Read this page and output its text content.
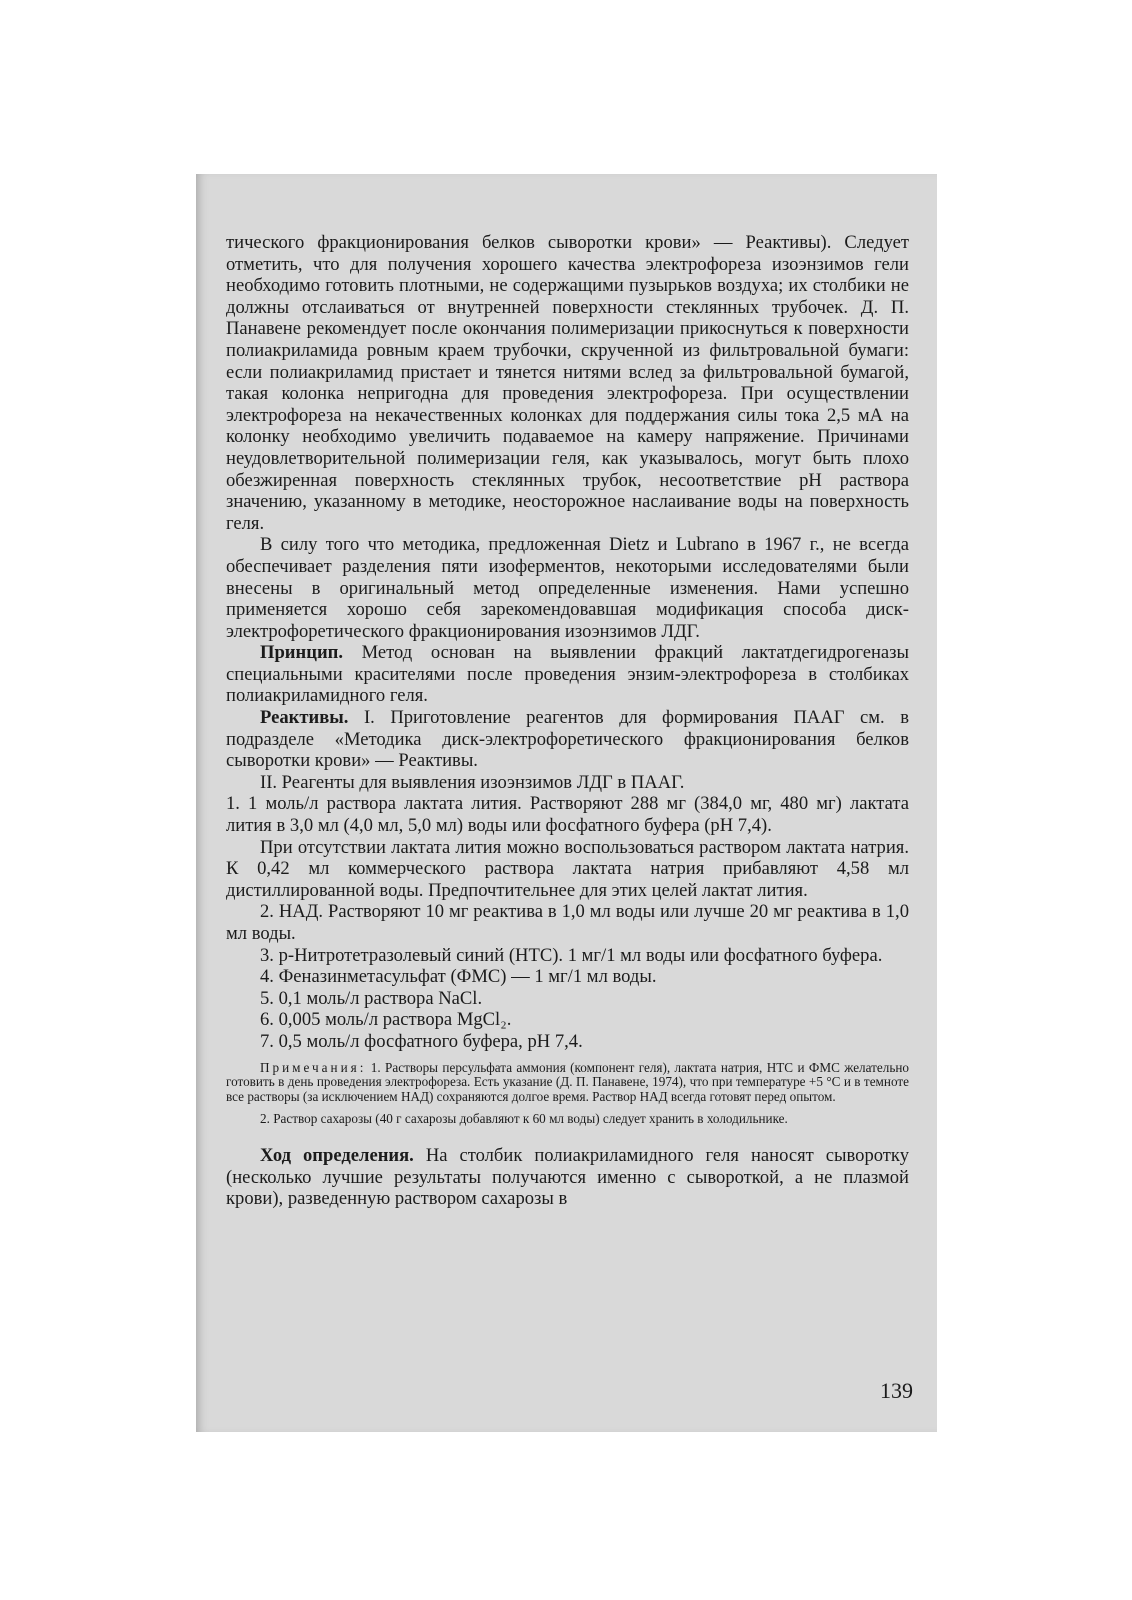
тического фракционирования белков сыворотки крови» — Реактивы). Следует отметить, что для получения хорошего качества электрофореза изоэнзимов гели необходимо готовить плотными, не содержащими пузырьков воздуха; их столбики не должны отслаиваться от внутренней поверхности стеклянных трубочек. Д. П. Панавене рекомендует после окончания полимеризации прикоснуться к поверхности полиакриламида ровным краем трубочки, скрученной из фильтровальной бумаги: если полиакриламид пристает и тянется нитями вслед за фильтровальной бумагой, такая колонка непригодна для проведения электрофореза. При осуществлении электрофореза на некачественных колонках для поддержания силы тока 2,5 мА на колонку необходимо увеличить подаваемое на камеру напряжение. Причинами неудовлетворительной полимеризации геля, как указывалось, могут быть плохо обезжиренная поверхность стеклянных трубок, несоответствие pH раствора значению, указанному в методике, неосторожное наслаивание воды на поверхность геля.

В силу того что методика, предложенная Dietz и Lubrano в 1967 г., не всегда обеспечивает разделения пяти изоферментов, некоторыми исследователями были внесены в оригинальный метод определенные изменения. Нами успешно применяется хорошо себя зарекомендовавшая модификация способа диск-электрофоретического фракционирования изоэнзимов ЛДГ.

Принцип. Метод основан на выявлении фракций лактатдегидрогеназы специальными красителями после проведения энзим-электрофореза в столбиках полиакриламидного геля.

Реактивы. I. Приготовление реагентов для формирования ПААГ см. в подразделе «Методика диск-электрофоретического фракционирования белков сыворотки крови» — Реактивы.

II. Реагенты для выявления изоэнзимов ЛДГ в ПААГ.

1. 1 моль/л раствора лактата лития. Растворяют 288 мг (384,0 мг, 480 мг) лактата лития в 3,0 мл (4,0 мл, 5,0 мл) воды или фосфатного буфера (pH 7,4).

При отсутствии лактата лития можно воспользоваться раствором лактата натрия. К 0,42 мл коммерческого раствора лактата натрия прибавляют 4,58 мл дистиллированной воды. Предпочтительнее для этих целей лактат лития.

2. НАД. Растворяют 10 мг реактива в 1,0 мл воды или лучше 20 мг реактива в 1,0 мл воды.

3. р-Нитротетразолевый синий (НТС). 1 мг/1 мл воды или фосфатного буфера.

4. Феназинметасульфат (ФМС) — 1 мг/1 мл воды.

5. 0,1 моль/л раствора NaCl.

6. 0,005 моль/л раствора MgCl₂.

7. 0,5 моль/л фосфатного буфера, pH 7,4.

Примечания: 1. Растворы персульфата аммония (компонент геля), лактата натрия, НТС и ФМС желательно готовить в день проведения электрофореза. Есть указание (Д. П. Панавене, 1974), что при температуре +5 °С и в темноте все растворы (за исключением НАД) сохраняются долгое время. Раствор НАД всегда готовят перед опытом.

2. Раствор сахарозы (40 г сахарозы добавляют к 60 мл воды) следует хранить в холодильнике.

Ход определения. На столбик полиакриламидного геля наносят сыворотку (несколько лучшие результаты получаются именно с сывороткой, а не плазмой крови), разведенную раствором сахарозы в

139
